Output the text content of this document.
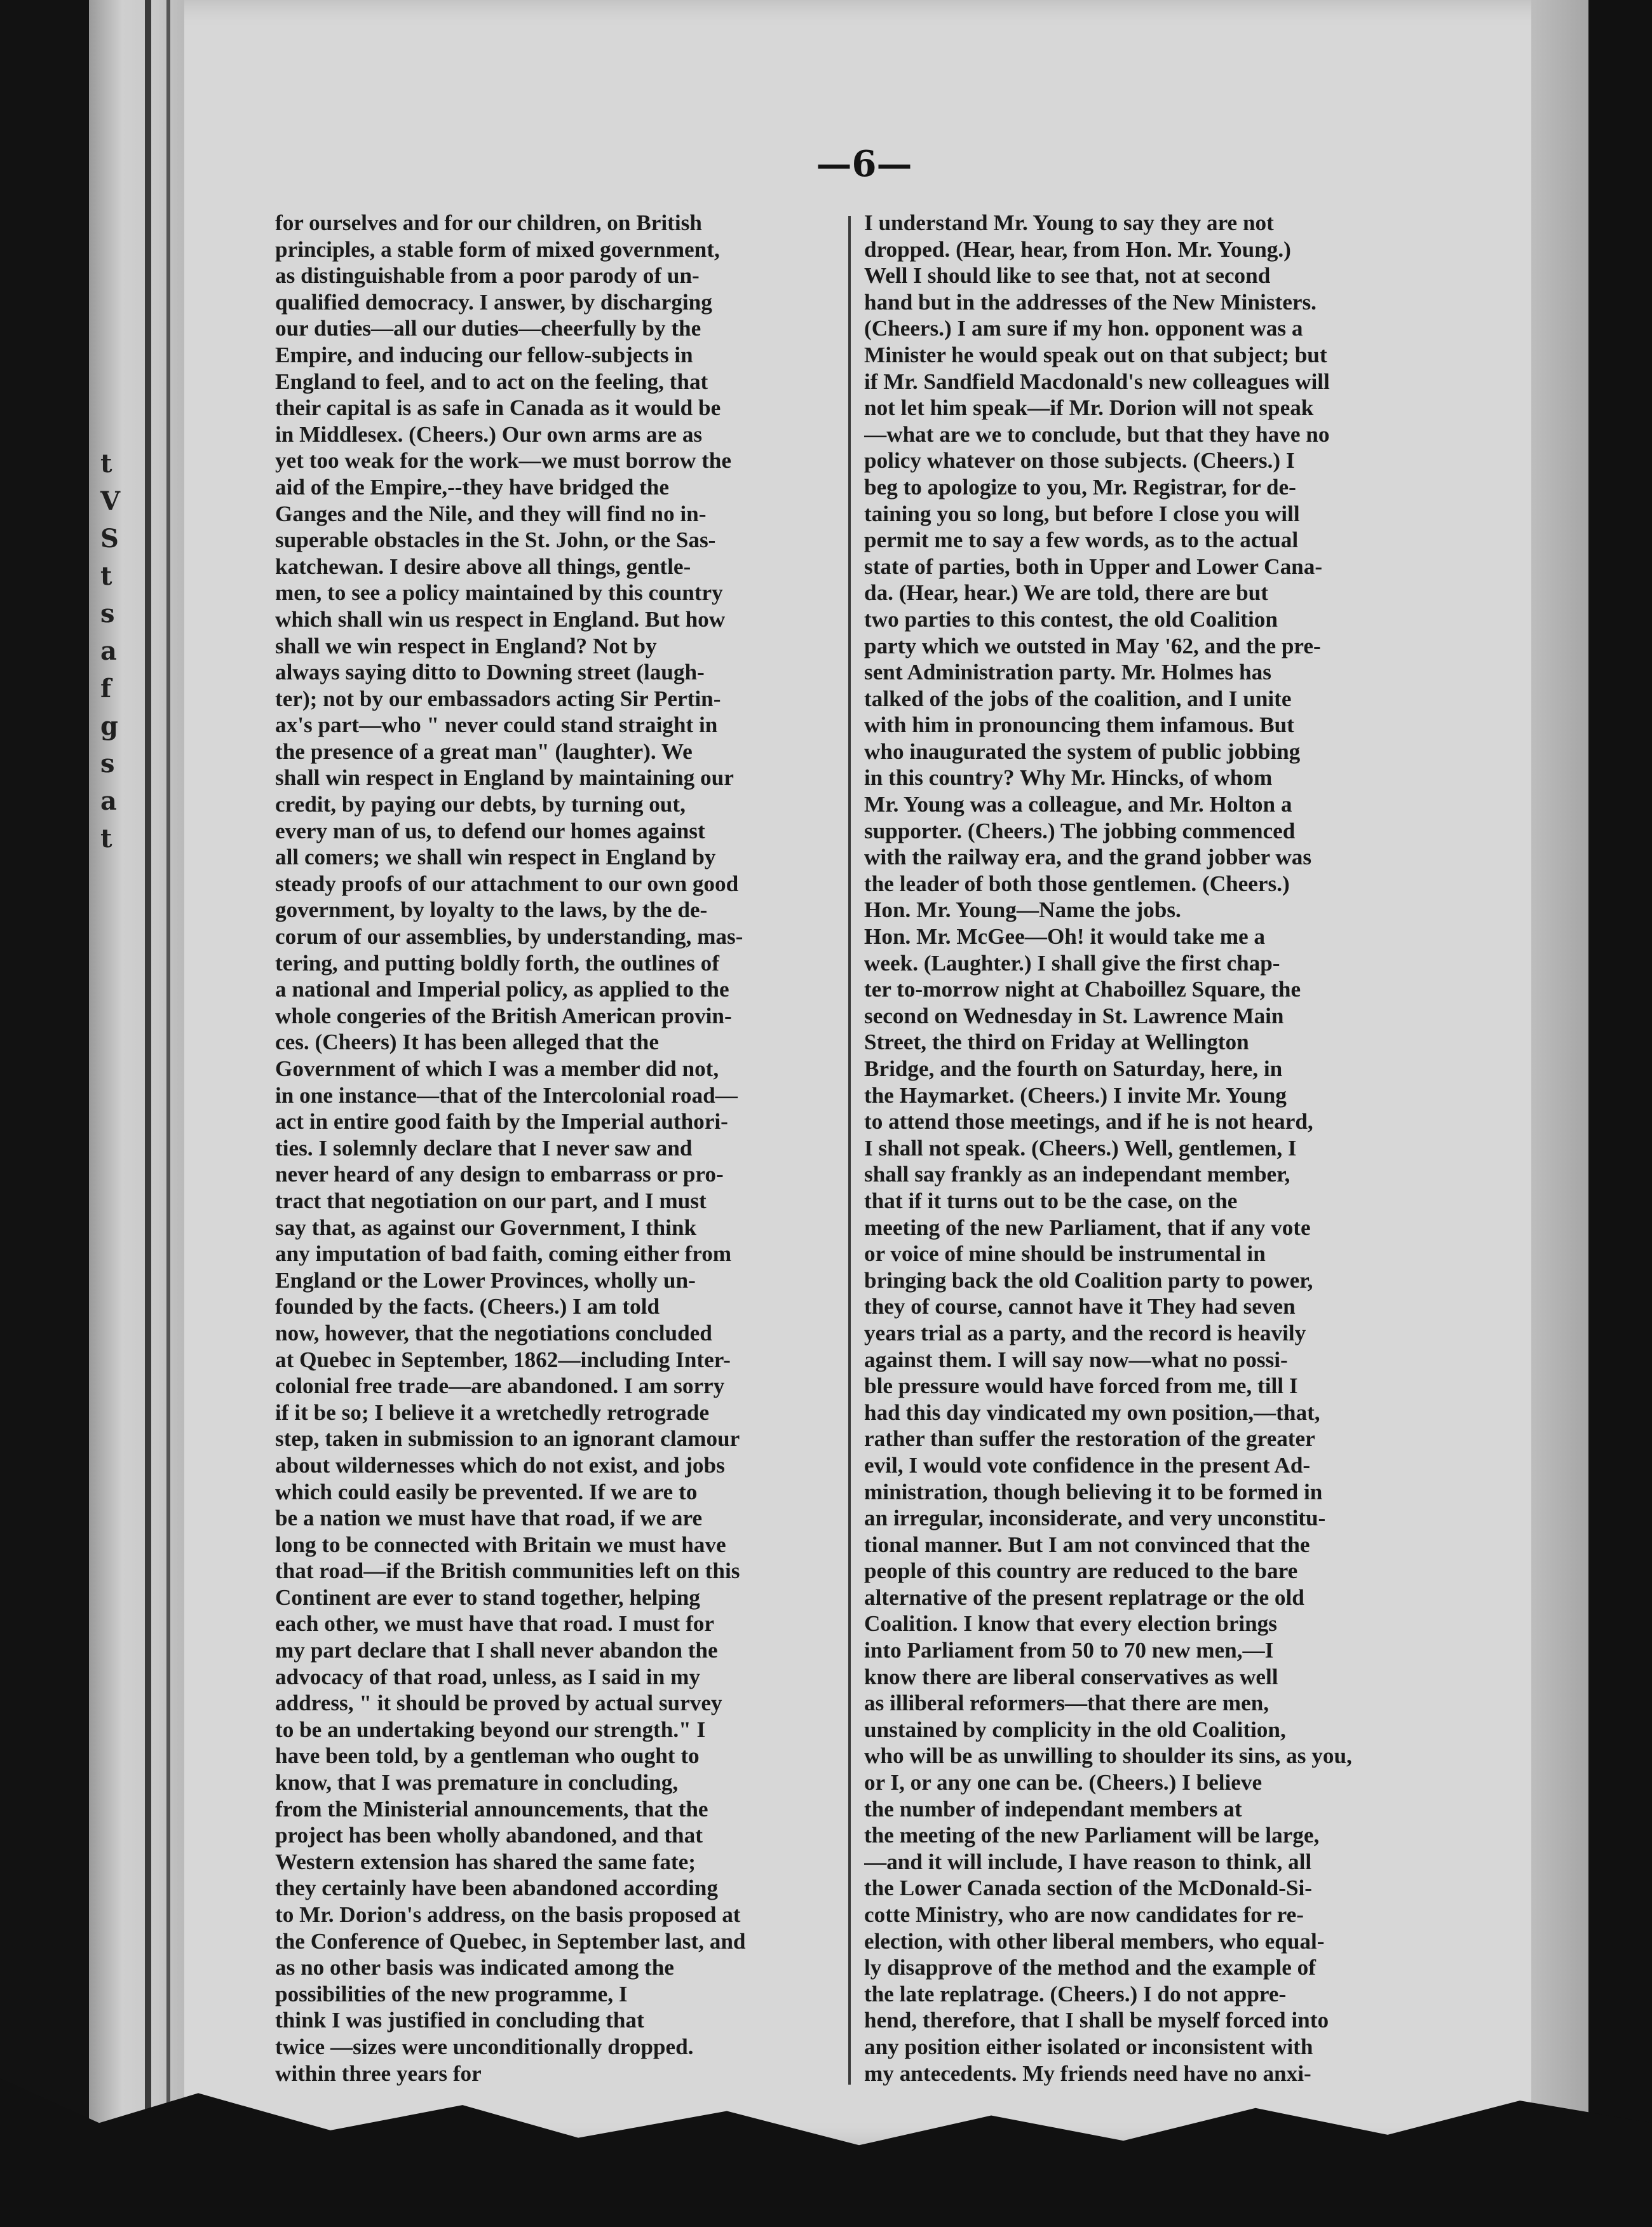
t
V
S
t
s
a
f
g
s
a
t
—6—
for ourselves and for our children, on British
principles, a stable form of mixed government,
as distinguishable from a poor parody of un-
qualified democracy. I answer, by discharging
our duties—all our duties—cheerfully by the
Empire, and inducing our fellow-subjects in
England to feel, and to act on the feeling, that
their capital is as safe in Canada as it would be
in Middlesex. (Cheers.) Our own arms are as
yet too weak for the work—we must borrow the
aid of the Empire,--they have bridged the
Ganges and the Nile, and they will find no in-
superable obstacles in the St. John, or the Sas-
katchewan. I desire above all things, gentle-
men, to see a policy maintained by this country
which shall win us respect in England. But how
shall we win respect in England? Not by
always saying ditto to Downing street (laugh-
ter); not by our embassadors acting Sir Pertin-
ax's part—who " never could stand straight in
the presence of a great man" (laughter). We
shall win respect in England by maintaining our
credit, by paying our debts, by turning out,
every man of us, to defend our homes against
all comers; we shall win respect in England by
steady proofs of our attachment to our own good
government, by loyalty to the laws, by the de-
corum of our assemblies, by understanding, mas-
tering, and putting boldly forth, the outlines of
a national and Imperial policy, as applied to the
whole congeries of the British American provin-
ces. (Cheers) It has been alleged that the
Government of which I was a member did not,
in one instance—that of the Intercolonial road—
act in entire good faith by the Imperial authori-
ties. I solemnly declare that I never saw and
never heard of any design to embarrass or pro-
tract that negotiation on our part, and I must
say that, as against our Government, I think
any imputation of bad faith, coming either from
England or the Lower Provinces, wholly un-
founded by the facts. (Cheers.) I am told
now, however, that the negotiations concluded
at Quebec in September, 1862—including Inter-
colonial free trade—are abandoned. I am sorry
if it be so; I believe it a wretchedly retrograde
step, taken in submission to an ignorant clamour
about wildernesses which do not exist, and jobs
which could easily be prevented. If we are to
be a nation we must have that road, if we are
long to be connected with Britain we must have
that road—if the British communities left on this
Continent are ever to stand together, helping
each other, we must have that road. I must for
my part declare that I shall never abandon the
advocacy of that road, unless, as I said in my
address, " it should be proved by actual survey
to be an undertaking beyond our strength." I
have been told, by a gentleman who ought to
know, that I was premature in concluding,
from the Ministerial announcements, that the
project has been wholly abandoned, and that
Western extension has shared the same fate;
they certainly have been abandoned according
to Mr. Dorion's address, on the basis proposed at
the Conference of Quebec, in September last, and
as no other basis was indicated among the
possibilities of the new programme, I
think I was justified in concluding that
twice —sizes were unconditionally dropped.
within three years for
I understand Mr. Young to say they are not
dropped. (Hear, hear, from Hon. Mr. Young.)
Well I should like to see that, not at second
hand but in the addresses of the New Ministers.
(Cheers.) I am sure if my hon. opponent was a
Minister he would speak out on that subject; but
if Mr. Sandfield Macdonald's new colleagues will
not let him speak—if Mr. Dorion will not speak
—what are we to conclude, but that they have no
policy whatever on those subjects. (Cheers.) I
beg to apologize to you, Mr. Registrar, for de-
taining you so long, but before I close you will
permit me to say a few words, as to the actual
state of parties, both in Upper and Lower Cana-
da. (Hear, hear.) We are told, there are but
two parties to this contest, the old Coalition
party which we outsted in May '62, and the pre-
sent Administration party. Mr. Holmes has
talked of the jobs of the coalition, and I unite
with him in pronouncing them infamous. But
who inaugurated the system of public jobbing
in this country? Why Mr. Hincks, of whom
Mr. Young was a colleague, and Mr. Holton a
supporter. (Cheers.) The jobbing commenced
with the railway era, and the grand jobber was
the leader of both those gentlemen. (Cheers.)
Hon. Mr. Young—Name the jobs.
Hon. Mr. McGee—Oh! it would take me a
week. (Laughter.) I shall give the first chap-
ter to-morrow night at Chaboillez Square, the
second on Wednesday in St. Lawrence Main
Street, the third on Friday at Wellington
Bridge, and the fourth on Saturday, here, in
the Haymarket. (Cheers.) I invite Mr. Young
to attend those meetings, and if he is not heard,
I shall not speak. (Cheers.) Well, gentlemen, I
shall say frankly as an independant member,
that if it turns out to be the case, on the
meeting of the new Parliament, that if any vote
or voice of mine should be instrumental in
bringing back the old Coalition party to power,
they of course, cannot have it They had seven
years trial as a party, and the record is heavily
against them. I will say now—what no possi-
ble pressure would have forced from me, till I
had this day vindicated my own position,—that,
rather than suffer the restoration of the greater
evil, I would vote confidence in the present Ad-
ministration, though believing it to be formed in
an irregular, inconsiderate, and very unconstitu-
tional manner. But I am not convinced that the
people of this country are reduced to the bare
alternative of the present replatrage or the old
Coalition. I know that every election brings
into Parliament from 50 to 70 new men,—I
know there are liberal conservatives as well
as illiberal reformers—that there are men,
unstained by complicity in the old Coalition,
who will be as unwilling to shoulder its sins, as you,
or I, or any one can be. (Cheers.) I believe
the number of independant members at
the meeting of the new Parliament will be large,
—and it will include, I have reason to think, all
the Lower Canada section of the McDonald-Si-
cotte Ministry, who are now candidates for re-
election, with other liberal members, who equal-
ly disapprove of the method and the example of
the late replatrage. (Cheers.) I do not appre-
hend, therefore, that I shall be myself forced into
any position either isolated or inconsistent with
my antecedents. My friends need have no anxi-
